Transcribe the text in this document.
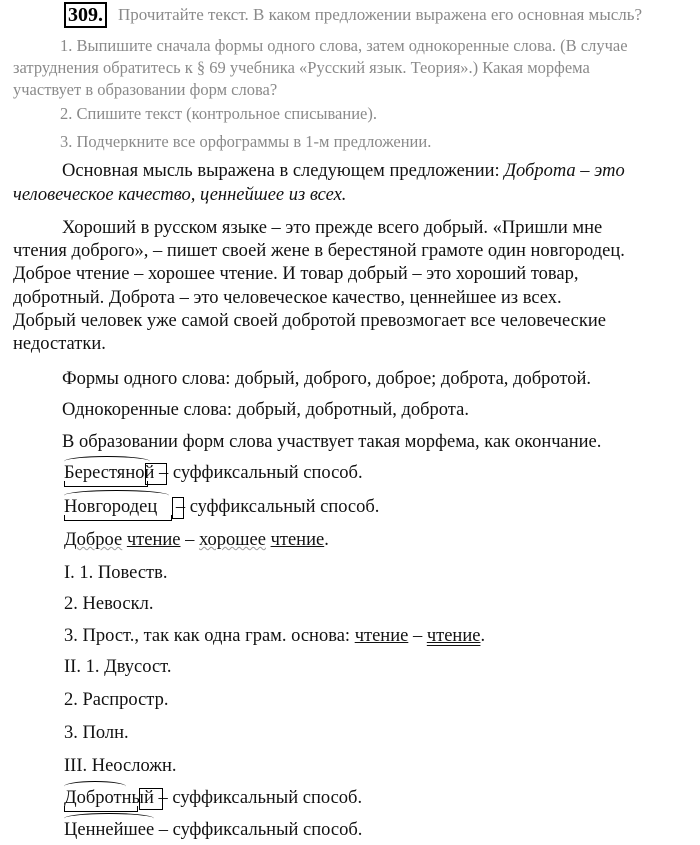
309. Прочитайте текст. В каком предложении выражена его основная мысль?
1. Выпишите сначала формы одного слова, затем однокоренные слова. (В случае
затруднения обратитесь к § 69 учебника «Русский язык. Теория».) Какая морфема
участвует в образовании форм слова?
2. Спишите текст (контрольное списывание).
3. Подчеркните все орфограммы в 1-м предложении.
Основная мысль выражена в следующем предложении: Доброта – это
человеческое качество, ценнейшее из всех.
Хороший в русском языке – это прежде всего добрый. «Пришли мне
чтения доброго», – пишет своей жене в берестяной грамоте один новгородец.
Доброе чтение – хорошее чтение. И товар добрый – это хороший товар,
добротный. Доброта – это человеческое качество, ценнейшее из всех.
Добрый человек уже самой своей добротой превозмогает все человеческие
недостатки.
Формы одного слова: добрый, доброго, доброе; доброта, добротой.
Однокоренные слова: добрый, добротный, доброта.
В образовании форм слова участвует такая морфема, как окончание.
Берестяной
– суффиксальный способ.
Новгородец
– суффиксальный способ.
Доброе чтение – хорошее чтение.
I. 1. Повеств.
2. Невоскл.
3. Прост., так как одна грам. основа: чтение – чтение.
II. 1. Двусост.
2. Распростр.
3. Полн.
III. Неосложн.
Добротный
– суффиксальный способ.
Ценнейшее
– суффиксальный способ.
